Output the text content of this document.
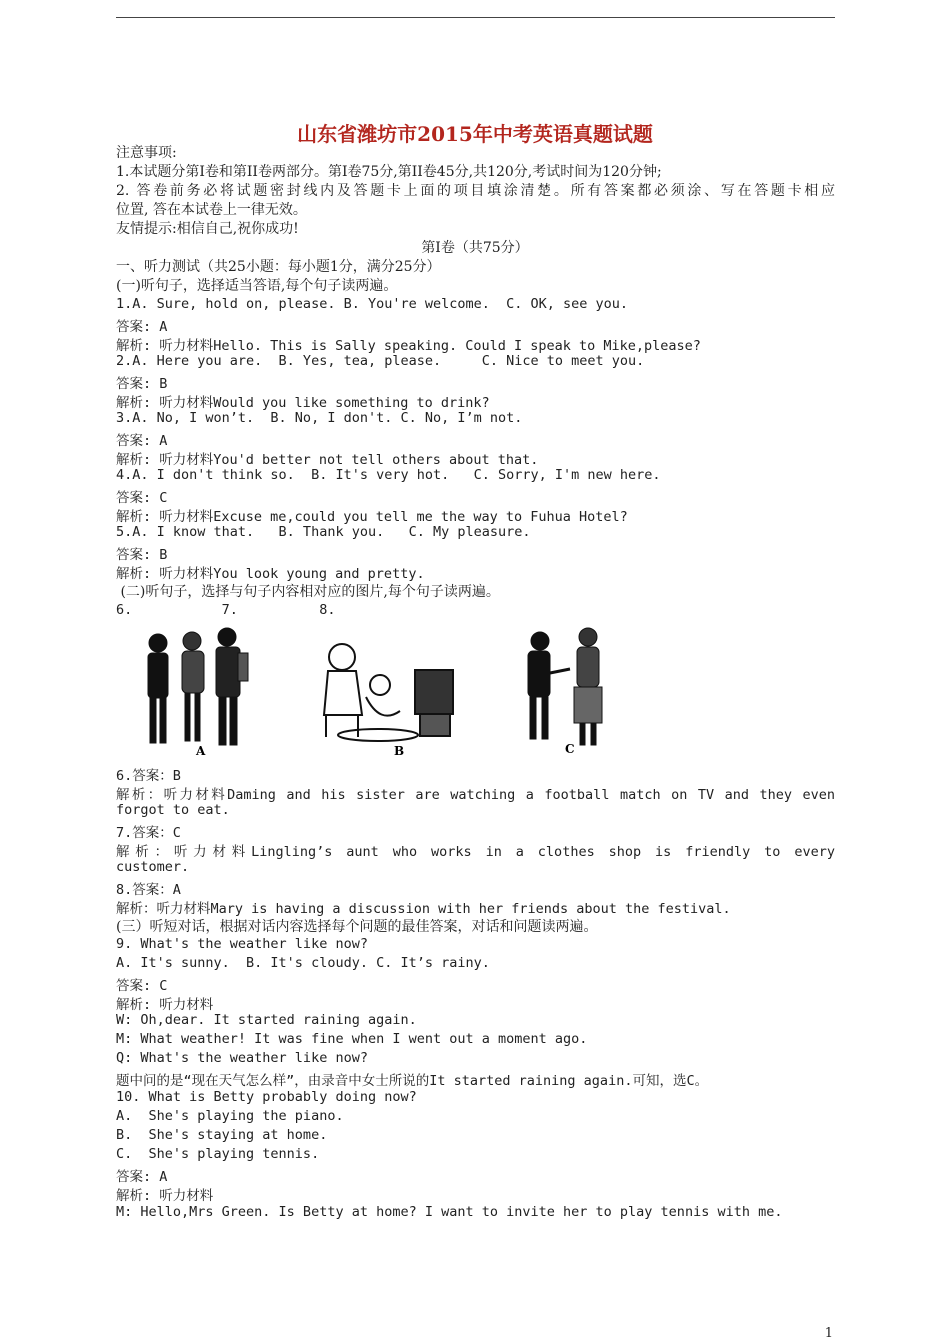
山东省潍坊市2015年中考英语真题试题
注意事项:
1.本试题分第Ⅰ卷和第II卷两部分。第Ⅰ卷75分,第II卷45分,共120分,考试时间为120分钟;
2. 答卷前务必将试题密封线内及答题卡上面的项目填涂清楚。所有答案都必须涂、写在答题卡相应
位置, 答在本试卷上一律无效。
友情提示:相信自己,祝你成功!
第Ⅰ卷（共75分）
一、听力测试（共25小题：每小题1分，满分25分）
(一)听句子，选择适当答语,每个句子读两遍。
1.A. Sure, hold on, please. B. You're welcome.  C. OK, see you.
答案: A
解析: 听力材料Hello. This is Sally speaking. Could I speak to Mike,please?
2.A. Here you are.  B. Yes, tea, please.     C. Nice to meet you.
答案: B
解析: 听力材料Would you like something to drink?
3.A. No, I won’t.  B. No, I don't. C. No, I’m not.
答案: A
解析: 听力材料You'd better not tell others about that.
4.A. I don't think so.  B. It's very hot.   C. Sorry, I'm new here.
答案: C
解析: 听力材料Excuse me,could you tell me the way to Fuhua Hotel?
5.A. I know that.   B. Thank you.   C. My pleasure.
答案: B
解析: 听力材料You look young and pretty.
(二)听句子，选择与句子内容相对应的图片,每个句子读两遍。
6.           7.          8.
A	B	C
6.答案：B
解析：听力材料Daming and his sister are watching a football match on TV and they even
forgot to eat.
7.答案：C
解析：听力材料Lingling’s aunt who works in a clothes shop is friendly to every
customer.
8.答案：A
解析：听力材料Mary is having a discussion with her friends about the festival.
(三）听短对话，根据对话内容选择每个问题的最佳答案，对话和问题读两遍。
9. What's the weather like now?
A. It's sunny.  B. It's cloudy. C. It’s rainy.
答案: C
解析: 听力材料
W: Oh,dear. It started raining again.
M: What weather! It was fine when I went out a moment ago.
Q: What's the weather like now?
题中问的是“现在天气怎么样”，由录音中女士所说的It started raining again.可知，选C。
10. What is Betty probably doing now?
A.  She's playing the piano.
B.  She's staying at home.
C.  She's playing tennis.
答案: A
解析: 听力材料
M: Hello,Mrs Green. Is Betty at home? I want to invite her to play tennis with me.
1
